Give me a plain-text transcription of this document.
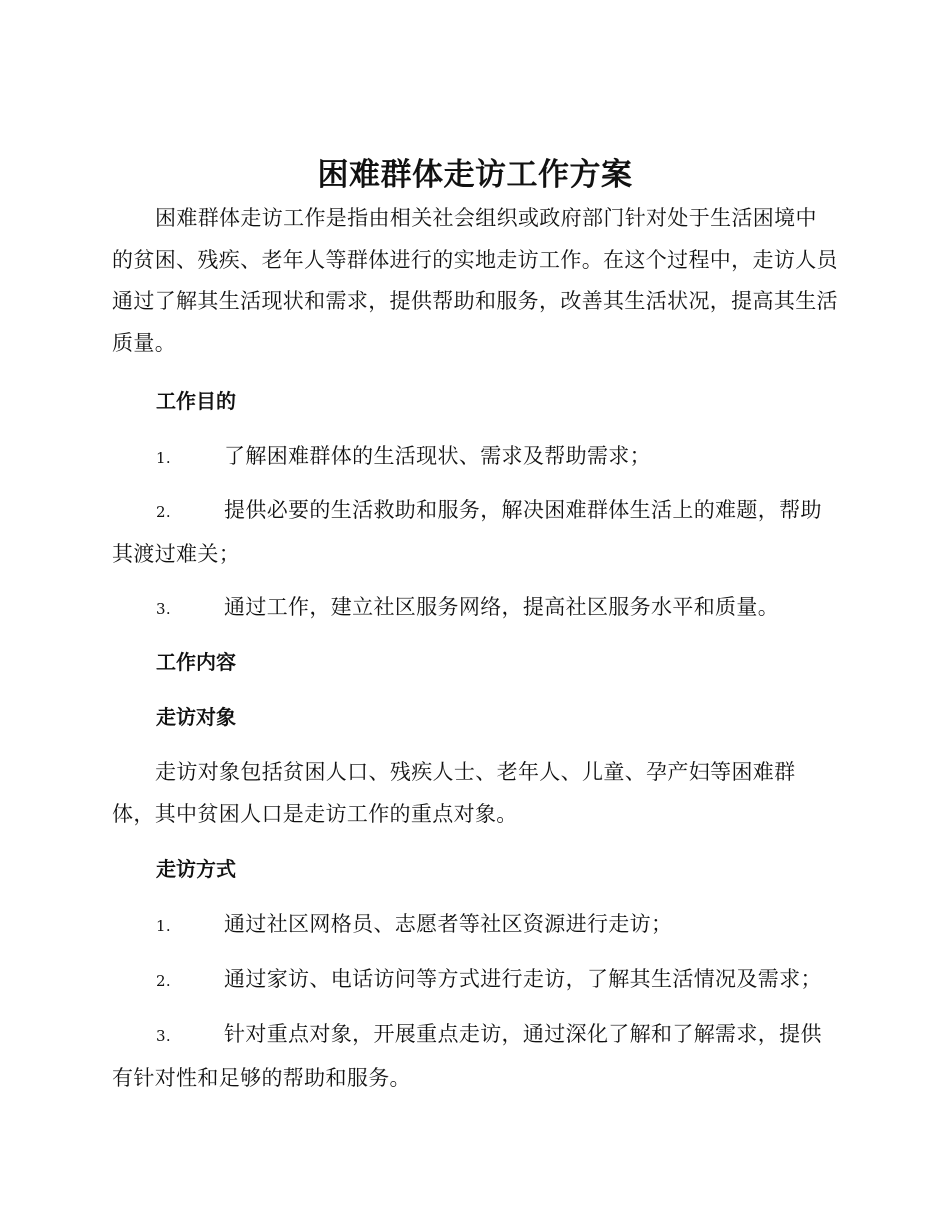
困难群体走访工作方案

困难群体走访工作是指由相关社会组织或政府部门针对处于生活困境中的贫困、残疾、老年人等群体进行的实地走访工作。在这个过程中，走访人员通过了解其生活现状和需求，提供帮助和服务，改善其生活状况，提高其生活质量。

工作目的

1.	了解困难群体的生活现状、需求及帮助需求；

2.	提供必要的生活救助和服务，解决困难群体生活上的难题，帮助其渡过难关；

3.	通过工作，建立社区服务网络，提高社区服务水平和质量。

工作内容
走访对象

走访对象包括贫困人口、残疾人士、老年人、儿童、孕产妇等困难群体，其中贫困人口是走访工作的重点对象。

走访方式

1.	通过社区网格员、志愿者等社区资源进行走访；

2.	通过家访、电话访问等方式进行走访，了解其生活情况及需求；

3.	针对重点对象，开展重点走访，通过深化了解和了解需求，提供有针对性和足够的帮助和服务。
